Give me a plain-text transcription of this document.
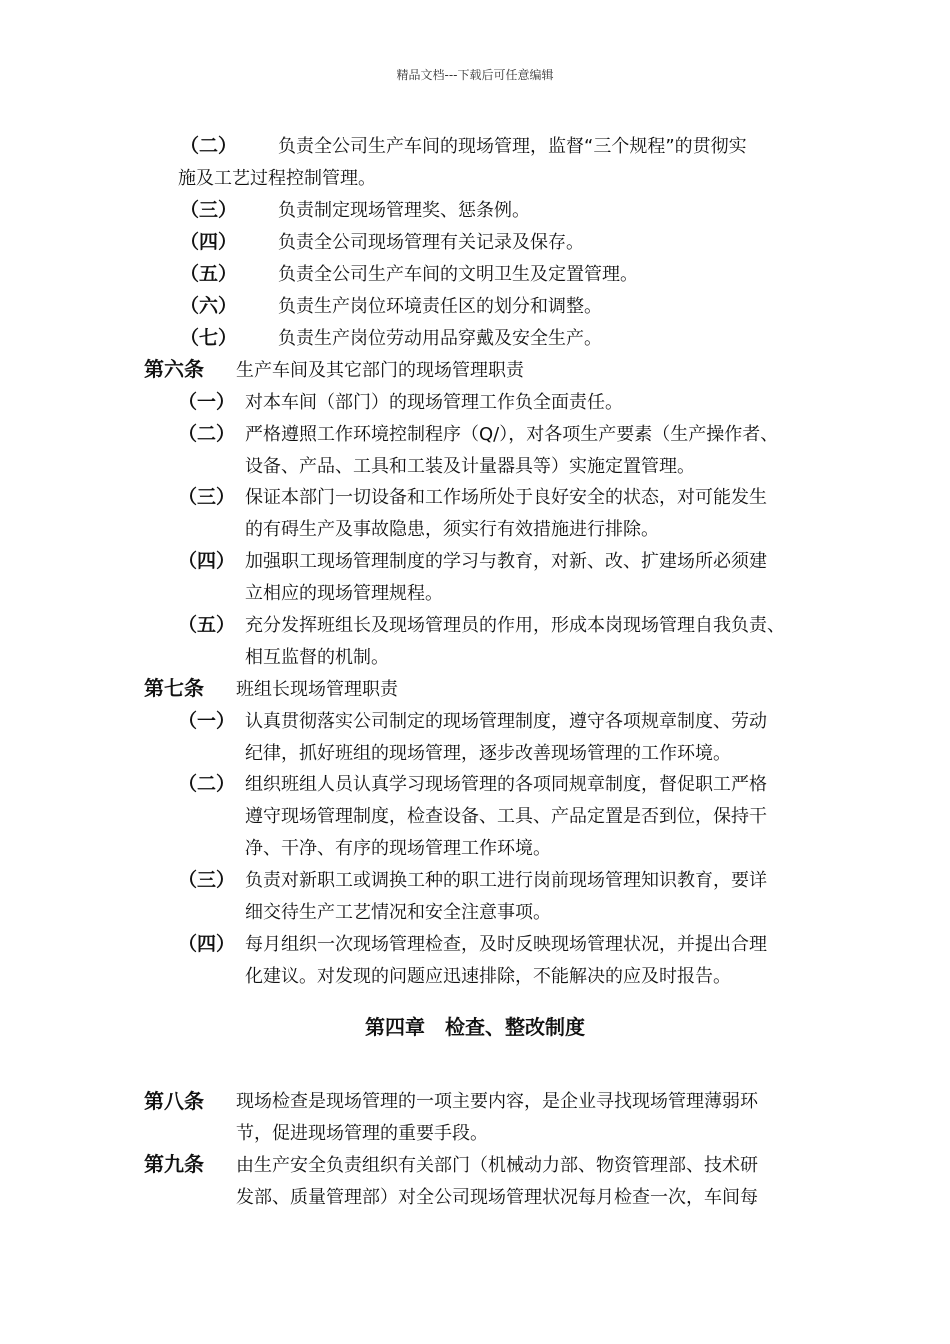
精品文档---下载后可任意编辑
（二） 负责全公司生产车间的现场管理，监督“三个规程”的贯彻实
施及工艺过程控制管理。
（三） 负责制定现场管理奖、惩条例。
（四） 负责全公司现场管理有关记录及保存。
（五） 负责全公司生产车间的文明卫生及定置管理。
（六） 负责生产岗位环境责任区的划分和调整。
（七） 负责生产岗位劳动用品穿戴及安全生产。
第六条 生产车间及其它部门的现场管理职责
（一） 对本车间（部门）的现场管理工作负全面责任。
（二） 严格遵照工作环境控制程序（Q/），对各项生产要素（生产操作者、
设备、产品、工具和工装及计量器具等）实施定置管理。
（三） 保证本部门一切设备和工作场所处于良好安全的状态，对可能发生
的有碍生产及事故隐患，须实行有效措施进行排除。
（四） 加强职工现场管理制度的学习与教育，对新、改、扩建场所必须建
立相应的现场管理规程。
（五） 充分发挥班组长及现场管理员的作用，形成本岗现场管理自我负责、
相互监督的机制。
第七条 班组长现场管理职责
（一） 认真贯彻落实公司制定的现场管理制度，遵守各项规章制度、劳动
纪律，抓好班组的现场管理，逐步改善现场管理的工作环境。
（二） 组织班组人员认真学习现场管理的各项同规章制度，督促职工严格
遵守现场管理制度，检查设备、工具、产品定置是否到位，保持干
净、干净、有序的现场管理工作环境。
（三） 负责对新职工或调换工种的职工进行岗前现场管理知识教育，要详
细交待生产工艺情况和安全注意事项。
（四） 每月组织一次现场管理检查，及时反映现场管理状况，并提出合理
化建议。对发现的问题应迅速排除，不能解决的应及时报告。
第四章　检查、整改制度
第八条 现场检查是现场管理的一项主要内容，是企业寻找现场管理薄弱环
节，促进现场管理的重要手段。
第九条 由生产安全负责组织有关部门（机械动力部、物资管理部、技术研
发部、质量管理部）对全公司现场管理状况每月检查一次，车间每
